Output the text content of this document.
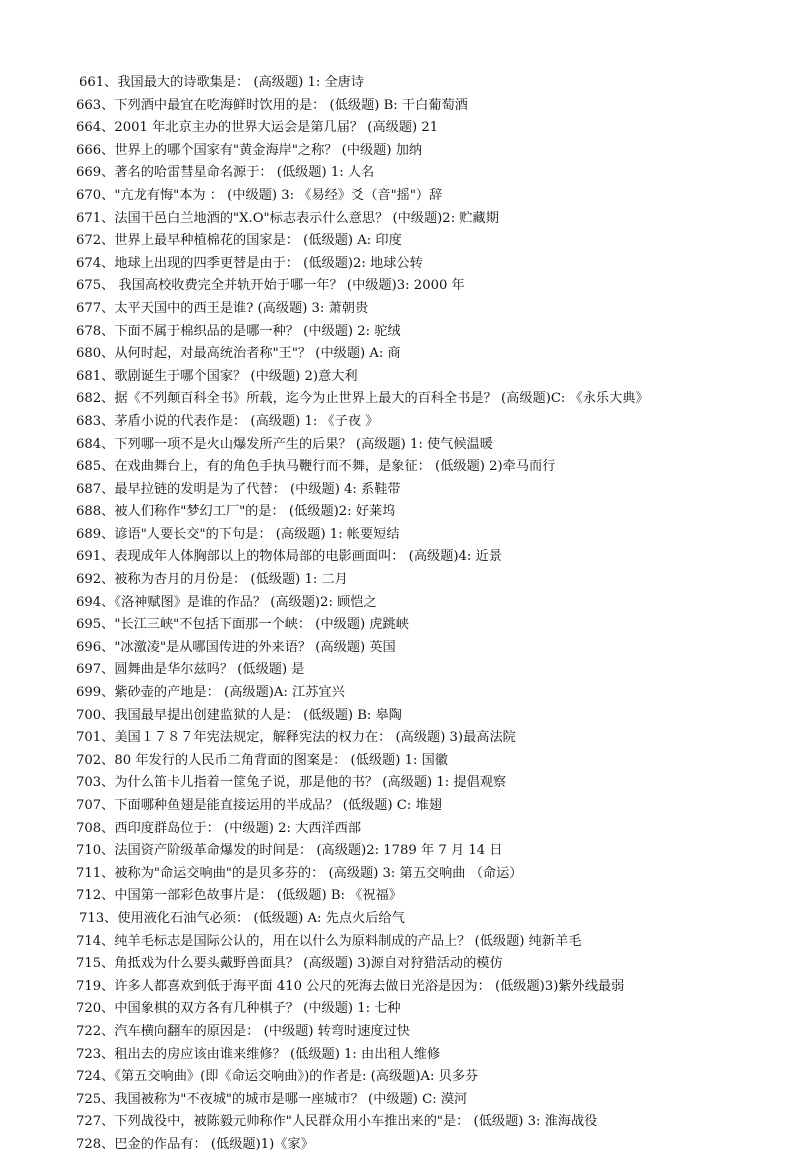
661、我国最大的诗歌集是： (高级题) 1: 全唐诗
663、下列酒中最宜在吃海鲜时饮用的是： (低级题) B: 干白葡萄酒
664、2001 年北京主办的世界大运会是第几届？ (高级题) 21
666、世界上的哪个国家有"黄金海岸"之称？ (中级题) 加纳
669、著名的哈雷彗星命名源于： (低级题) 1: 人名
670、"亢龙有悔"本为 ： (中级题) 3: 《易经》爻（音"摇"）辞
671、法国干邑白兰地酒的"X.O"标志表示什么意思？ (中级题)2: 贮藏期
672、世界上最早种植棉花的国家是： (低级题) A: 印度
674、地球上出现的四季更替是由于： (低级题)2: 地球公转
675、 我国高校收费完全并轨开始于哪一年？ (中级题)3: 2000 年
677、太平天国中的西王是谁? (高级题) 3: 萧朝贵
678、下面不属于棉织品的是哪一种？ (中级题) 2: 驼绒
680、从何时起，对最高统治者称"王"？ (中级题) A: 商
681、歌剧诞生于哪个国家？ (中级题) 2)意大利
682、据《不列颠百科全书》所载，迄今为止世界上最大的百科全书是？ (高级题)C: 《永乐大典》
683、茅盾小说的代表作是： (高级题) 1: 《子夜 》
684、下列哪一项不是火山爆发所产生的后果？ (高级题) 1: 使气候温暖
685、在戏曲舞台上，有的角色手执马鞭行而不舞，是象征： (低级题) 2)牵马而行
687、最早拉链的发明是为了代替： (中级题) 4: 系鞋带
688、被人们称作"梦幻工厂"的是： (低级题)2: 好莱坞
689、谚语"人要长交"的下句是： (高级题) 1: 帐要短结
691、表现成年人体胸部以上的物体局部的电影画面叫： (高级题)4: 近景
692、被称为杏月的月份是： (低级题) 1: 二月
694、《洛神赋图》是谁的作品？ (高级题)2: 顾恺之
695、"长江三峡"不包括下面那一个峡： (中级题) 虎跳峡
696、"冰激凌"是从哪国传进的外来语？ (高级题) 英国
697、圆舞曲是华尔兹吗？ (低级题) 是
699、紫砂壶的产地是： (高级题)A: 江苏宜兴
700、我国最早提出创建监狱的人是： (低级题) B: 皋陶
701、美国１７８７年宪法规定，解释宪法的权力在： (高级题) 3)最高法院
702、80 年发行的人民币二角背面的图案是： (低级题) 1: 国徽
703、为什么笛卡儿指着一筐兔子说，那是他的书？ (高级题) 1: 提倡观察
707、下面哪种鱼翅是能直接运用的半成品？ (低级题) C: 堆翅
708、西印度群岛位于： (中级题) 2: 大西洋西部
710、法国资产阶级革命爆发的时间是： (高级题)2: 1789 年 7 月 14 日
711、被称为"命运交响曲"的是贝多芬的： (高级题) 3: 第五交响曲 （命运）
712、中国第一部彩色故事片是： (低级题) B: 《祝福》
713、使用液化石油气必须： (低级题) A: 先点火后给气
714、纯羊毛标志是国际公认的，用在以什么为原料制成的产品上？ (低级题) 纯新羊毛
715、角抵戏为什么要头戴野兽面具？ (高级题) 3)源自对狩猎活动的模仿
719、许多人都喜欢到低于海平面 410 公尺的死海去做日光浴是因为： (低级题)3)紫外线最弱
720、中国象棋的双方各有几种棋子？ (中级题) 1: 七种
722、汽车横向翻车的原因是： (中级题) 转弯时速度过快
723、租出去的房应该由谁来维修？ (低级题) 1: 由出租人维修
724、《第五交响曲》(即《命运交响曲》)的作者是: (高级题)A: 贝多芬
725、我国被称为"不夜城"的城市是哪一座城市？ (中级题) C: 漠河
727、下列战役中，被陈毅元帅称作"人民群众用小车推出来的"是： (低级题) 3: 淮海战役
728、巴金的作品有： (低级题)1)《家》
